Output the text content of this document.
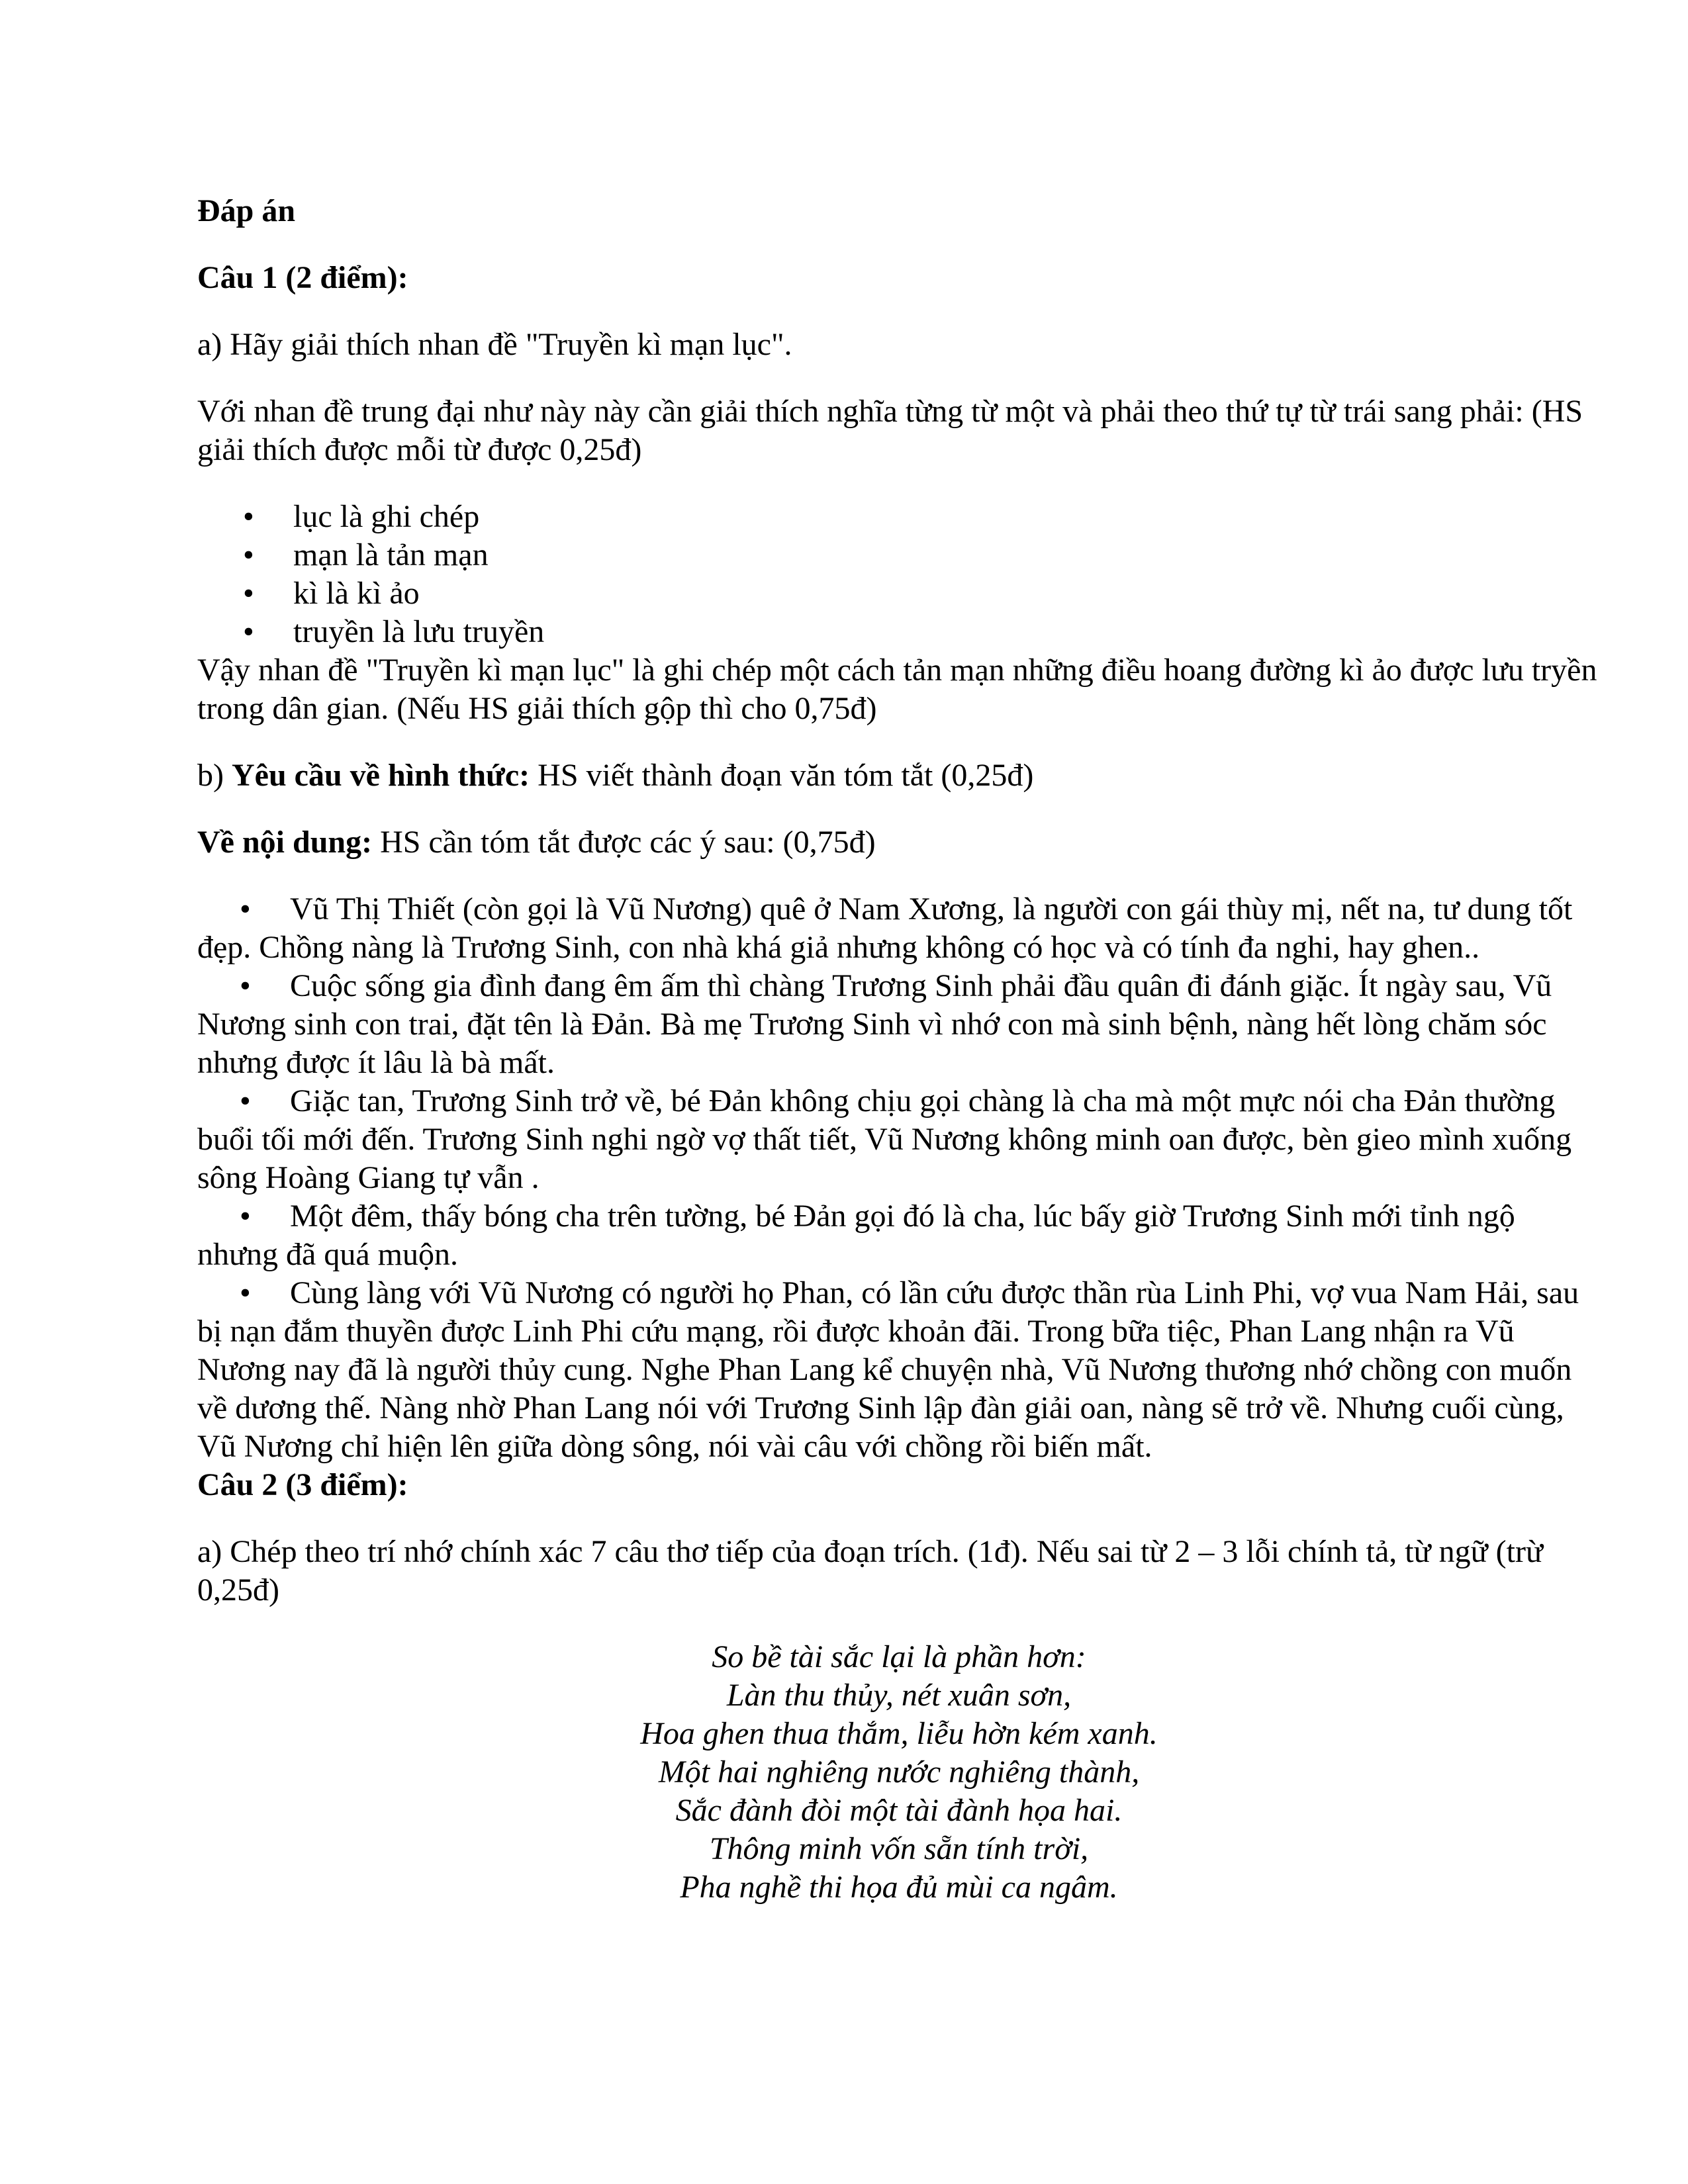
Đáp án
Câu 1 (2 điểm):
a) Hãy giải thích nhan đề "Truyền kì mạn lục".
Với nhan đề trung đại như này này cần giải thích nghĩa từng từ một và phải theo thứ tự từ trái sang phải: (HS giải thích được mỗi từ được 0,25đ)
• lục là ghi chép
• mạn là tản mạn
• kì là kì ảo
• truyền là lưu truyền
Vậy nhan đề "Truyền kì mạn lục" là ghi chép một cách tản mạn những điều hoang đường kì ảo được lưu tryền trong dân gian. (Nếu HS giải thích gộp thì cho 0,75đ)
b) Yêu cầu về hình thức: HS viết thành đoạn văn tóm tắt (0,25đ)
Về nội dung: HS cần tóm tắt được các ý sau: (0,75đ)
• Vũ Thị Thiết (còn gọi là Vũ Nương) quê ở Nam Xương, là người con gái thùy mị, nết na, tư dung tốt đẹp. Chồng nàng là Trương Sinh, con nhà khá giả nhưng không có học và có tính đa nghi, hay ghen..
• Cuộc sống gia đình đang êm ấm thì chàng Trương Sinh phải đầu quân đi đánh giặc. Ít ngày sau, Vũ Nương sinh con trai, đặt tên là Đản. Bà mẹ Trương Sinh vì nhớ con mà sinh bệnh, nàng hết lòng chăm sóc nhưng được ít lâu là bà mất.
• Giặc tan, Trương Sinh trở về, bé Đản không chịu gọi chàng là cha mà một mực nói cha Đản thường buổi tối mới đến. Trương Sinh nghi ngờ vợ thất tiết, Vũ Nương không minh oan được, bèn gieo mình xuống sông Hoàng Giang tự vẫn .
• Một đêm, thấy bóng cha trên tường, bé Đản gọi đó là cha, lúc bấy giờ Trương Sinh mới tỉnh ngộ nhưng đã quá muộn.
• Cùng làng với Vũ Nương có người họ Phan, có lần cứu được thần rùa Linh Phi, vợ vua Nam Hải, sau bị nạn đắm thuyền được Linh Phi cứu mạng, rồi được khoản đãi. Trong bữa tiệc, Phan Lang nhận ra Vũ Nương nay đã là người thủy cung. Nghe Phan Lang kể chuyện nhà, Vũ Nương thương nhớ chồng con muốn về dương thế. Nàng nhờ Phan Lang nói với Trương Sinh lập đàn giải oan, nàng sẽ trở về. Nhưng cuối cùng, Vũ Nương chỉ hiện lên giữa dòng sông, nói vài câu với chồng rồi biến mất.
Câu 2 (3 điểm):
a) Chép theo trí nhớ chính xác 7 câu thơ tiếp của đoạn trích. (1đ). Nếu sai từ 2 – 3 lỗi chính tả, từ ngữ (trừ 0,25đ)
So bề tài sắc lại là phần hơn:
Làn thu thủy, nét xuân sơn,
Hoa ghen thua thắm, liễu hờn kém xanh.
Một hai nghiêng nước nghiêng thành,
Sắc đành đòi một tài đành họa hai.
Thông minh vốn sẵn tính trời,
Pha nghề thi họa đủ mùi ca ngâm.
